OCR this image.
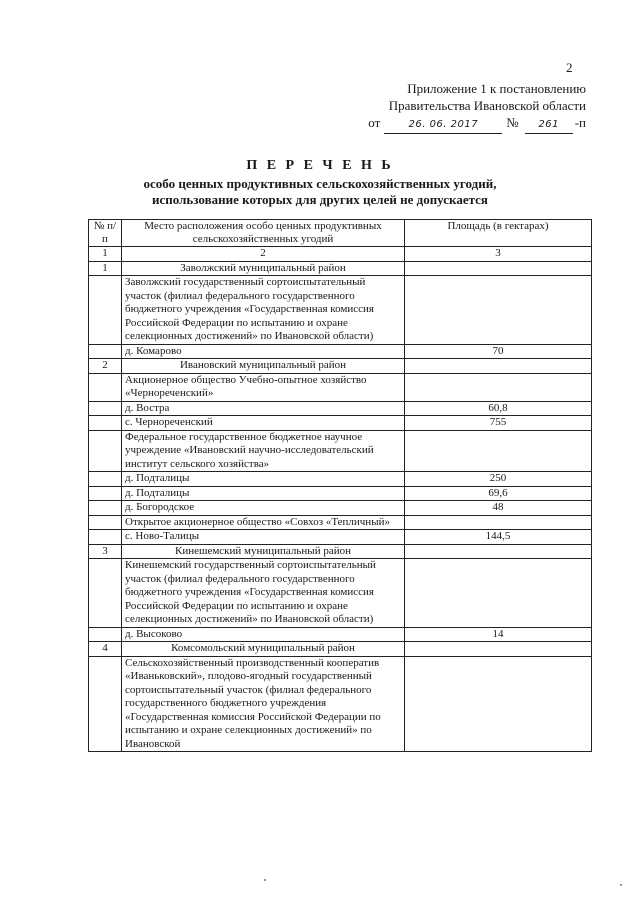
2
Приложение 1 к постановлению
Правительства Ивановской области
от	26. 06. 2017	№	261	-п
П Е Р Е Ч Е Н Ь
особо ценных продуктивных сельскохозяйственных угодий,
использование которых для других целей не допускается
№ п/п	Место расположения особо ценных продуктивных сельскохозяйственных угодий	Площадь (в гектарах)
1	2	3
1	Заволжский муниципальный район	
	Заволжский государственный сортоиспытательный участок (филиал федерального государственного бюджетного учреждения «Государственная комиссия Российской Федерации по испытанию и охране селекционных достижений» по Ивановской области)	
	д. Комарово	70
2	Ивановский муниципальный район	
	Акционерное общество Учебно-опытное хозяйство «Чернореченский»	
	д. Востра	60,8
	с. Чернореченский	755
	Федеральное государственное бюджетное научное учреждение «Ивановский научно-исследовательский институт сельского хозяйства»	
	д. Подталицы	250
	д. Подталицы	69,6
	д. Богородское	48
	Открытое акционерное общество «Совхоз «Тепличный»	
	с. Ново-Талицы	144,5
3	Кинешемский муниципальный район	
	Кинешемский государственный сортоиспытательный участок (филиал федерального государственного бюджетного учреждения «Государственная комиссия Российской Федерации по испытанию и охране селекционных достижений» по Ивановской области)	
	д. Высоково	14
4	Комсомольский муниципальный район	
	Сельскохозяйственный производственный кооператив «Иваньковский», плодово-ягодный государственный сортоиспытательный участок (филиал федерального государственного бюджетного учреждения «Государственная комиссия Российской Федерации по испытанию и охране селекционных достижений» по Ивановской	
